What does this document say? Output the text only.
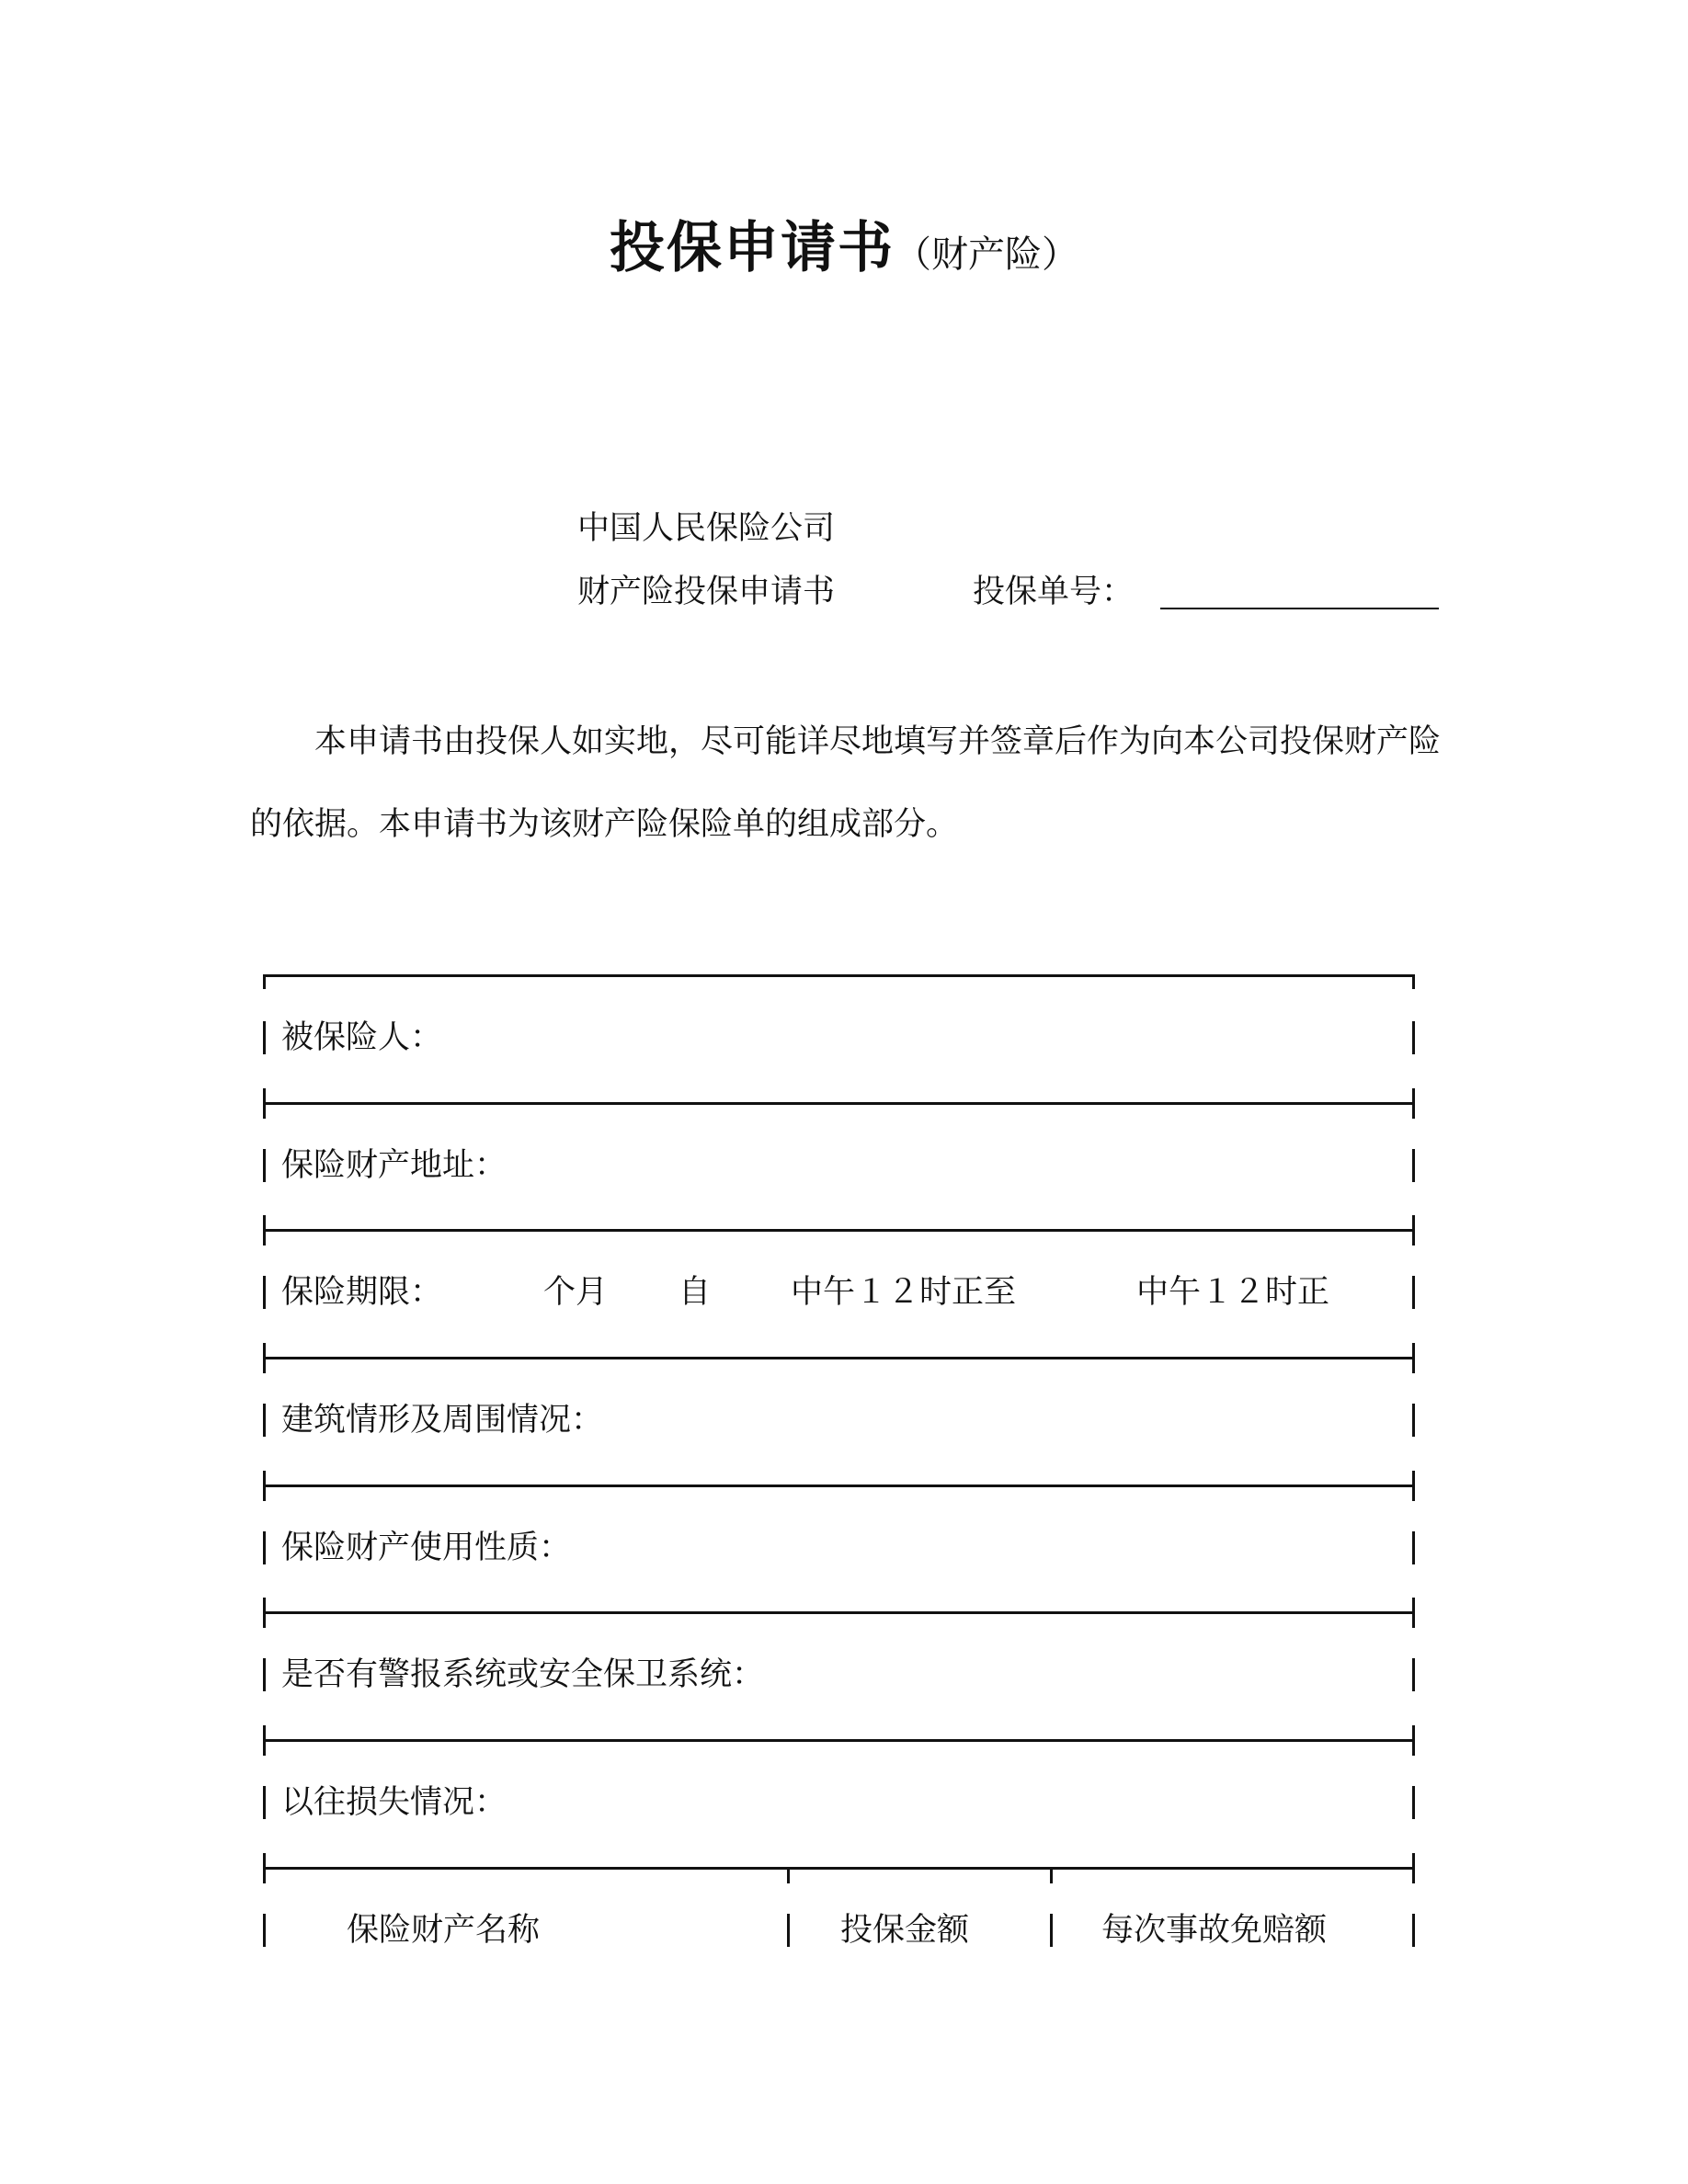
投保申请书（财产险）
中国人民保险公司
财产险投保申请书	投保单号：
本申请书由投保人如实地，尽可能详尽地填写并签章后作为向本公司投保财产险的依据。本申请书为该财产险保险单的组成部分。
被保险人：
保险财产地址：
保险期限：	个月 自 中午１２时正至	中午１２时正
建筑情形及周围情况：
保险财产使用性质：
是否有警报系统或安全保卫系统：
以往损失情况：
保险财产名称	投保金额	每次事故免赔额
